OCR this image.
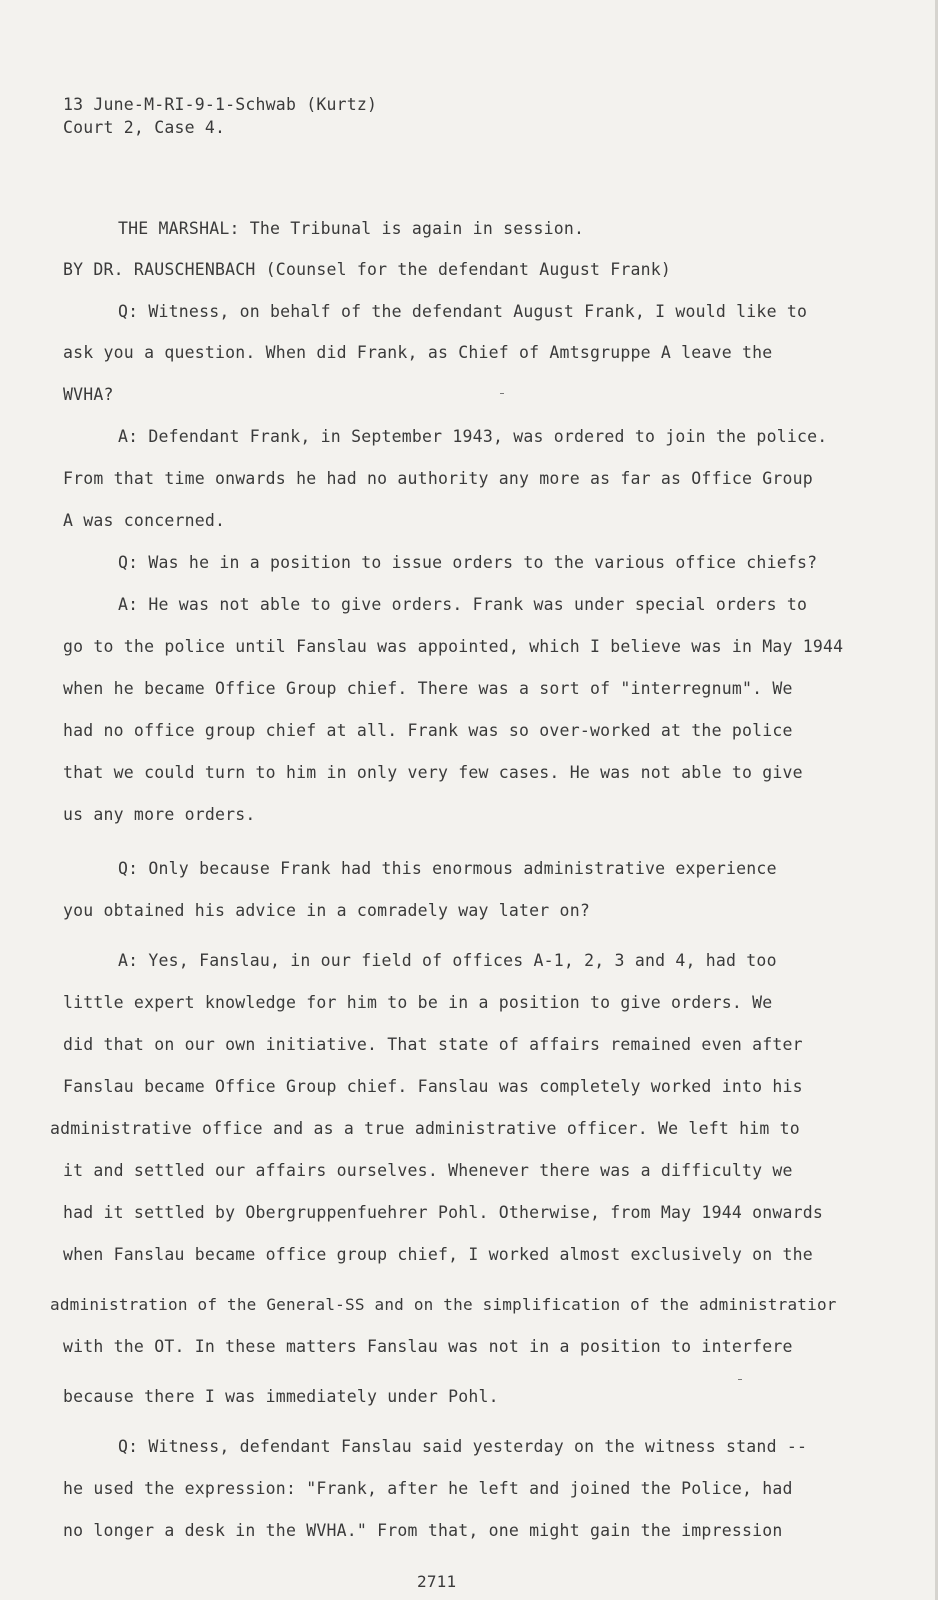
13 June-M-RI-9-1-Schwab (Kurtz)
Court 2, Case 4.
THE MARSHAL: The Tribunal is again in session.
BY DR. RAUSCHENBACH (Counsel for the defendant August Frank)
Q: Witness, on behalf of the defendant August Frank, I would like to
ask you a question. When did Frank, as Chief of Amtsgruppe A leave the
WVHA?
A: Defendant Frank, in September 1943, was ordered to join the police.
From that time onwards he had no authority any more as far as Office Group
A was concerned.
Q: Was he in a position to issue orders to the various office chiefs?
A: He was not able to give orders. Frank was under special orders to
go to the police until Fanslau was appointed, which I believe was in May 1944
when he became Office Group chief. There was a sort of "interregnum". We
had no office group chief at all. Frank was so over-worked at the police
that we could turn to him in only very few cases. He was not able to give
us any more orders.
Q: Only because Frank had this enormous administrative experience
you obtained his advice in a comradely way later on?
A: Yes, Fanslau, in our field of offices A-1, 2, 3 and 4, had too
little expert knowledge for him to be in a position to give orders. We
did that on our own initiative. That state of affairs remained even after
Fanslau became Office Group chief. Fanslau was completely worked into his
administrative office and as a true administrative officer. We left him to
it and settled our affairs ourselves. Whenever there was a difficulty we
had it settled by Obergruppenfuehrer Pohl. Otherwise, from May 1944 onwards
when Fanslau became office group chief, I worked almost exclusively on the
administration of the General-SS and on the simplification of the administratior
with the OT. In these matters Fanslau was not in a position to interfere
because there I was immediately under Pohl.
Q: Witness, defendant Fanslau said yesterday on the witness stand --
he used the expression: "Frank, after he left and joined the Police, had
no longer a desk in the WVHA." From that, one might gain the impression
2711
